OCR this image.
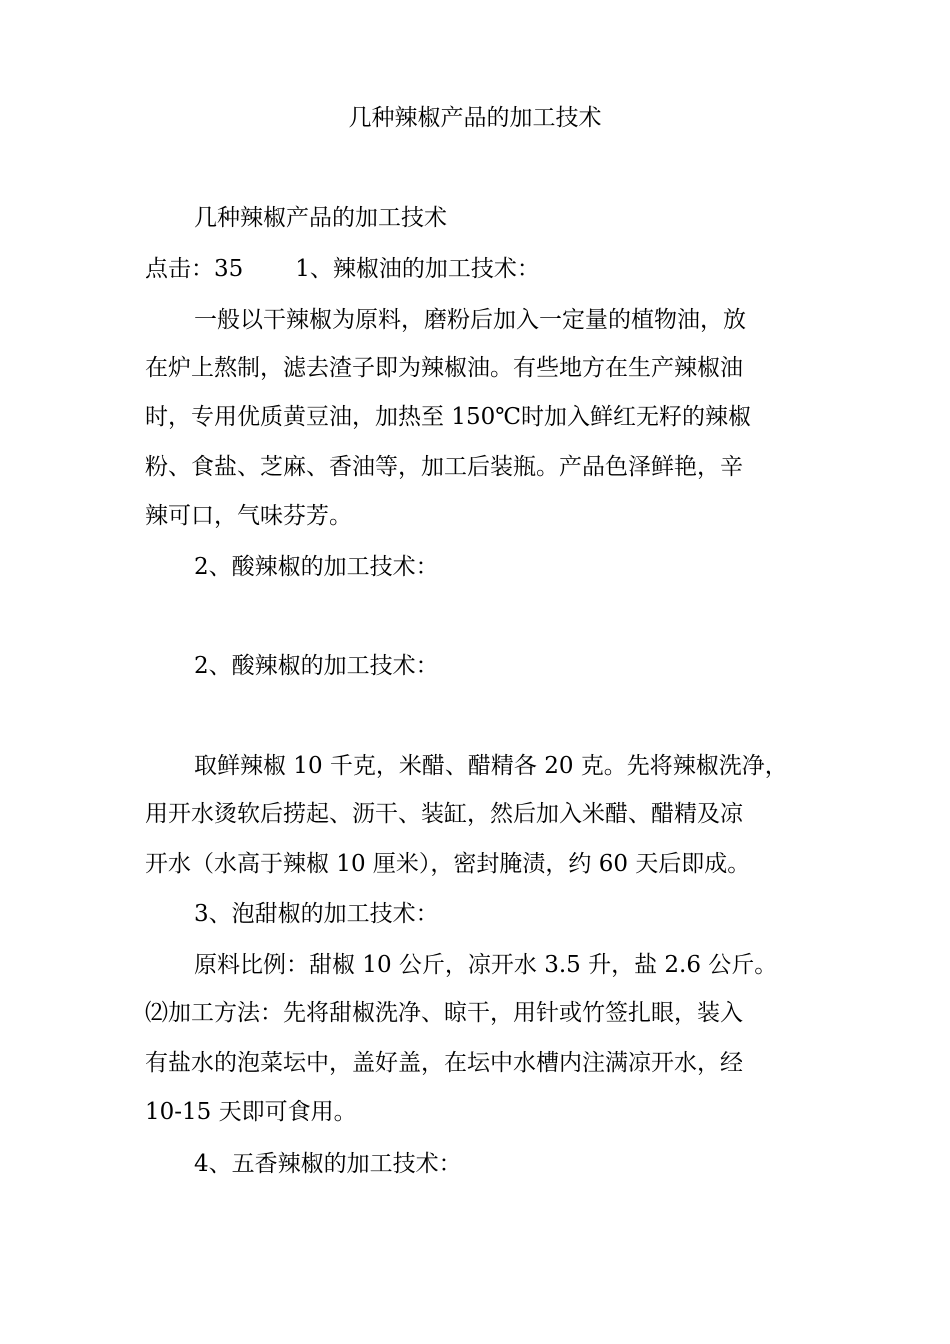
几种辣椒产品的加工技术
几种辣椒产品的加工技术
点击：35 1、辣椒油的加工技术：
一般以干辣椒为原料，磨粉后加入一定量的植物油，放
在炉上熬制，滤去渣子即为辣椒油。有些地方在生产辣椒油
时，专用优质黄豆油，加热至 150℃时加入鲜红无籽的辣椒
粉、食盐、芝麻、香油等，加工后装瓶。产品色泽鲜艳，辛
辣可口，气味芬芳。
2、酸辣椒的加工技术：
2、酸辣椒的加工技术：
取鲜辣椒 10 千克，米醋、醋精各 20 克。先将辣椒洗净，
用开水烫软后捞起、沥干、装缸，然后加入米醋、醋精及凉
开水（水高于辣椒 10 厘米），密封腌渍，约 60 天后即成。
3、泡甜椒的加工技术：
原料比例：甜椒 10 公斤，凉开水 3.5 升，盐 2.6 公斤。
⑵加工方法：先将甜椒洗净、晾干，用针或竹签扎眼，装入
有盐水的泡菜坛中，盖好盖，在坛中水槽内注满凉开水，经
10-15 天即可食用。
4、五香辣椒的加工技术：
